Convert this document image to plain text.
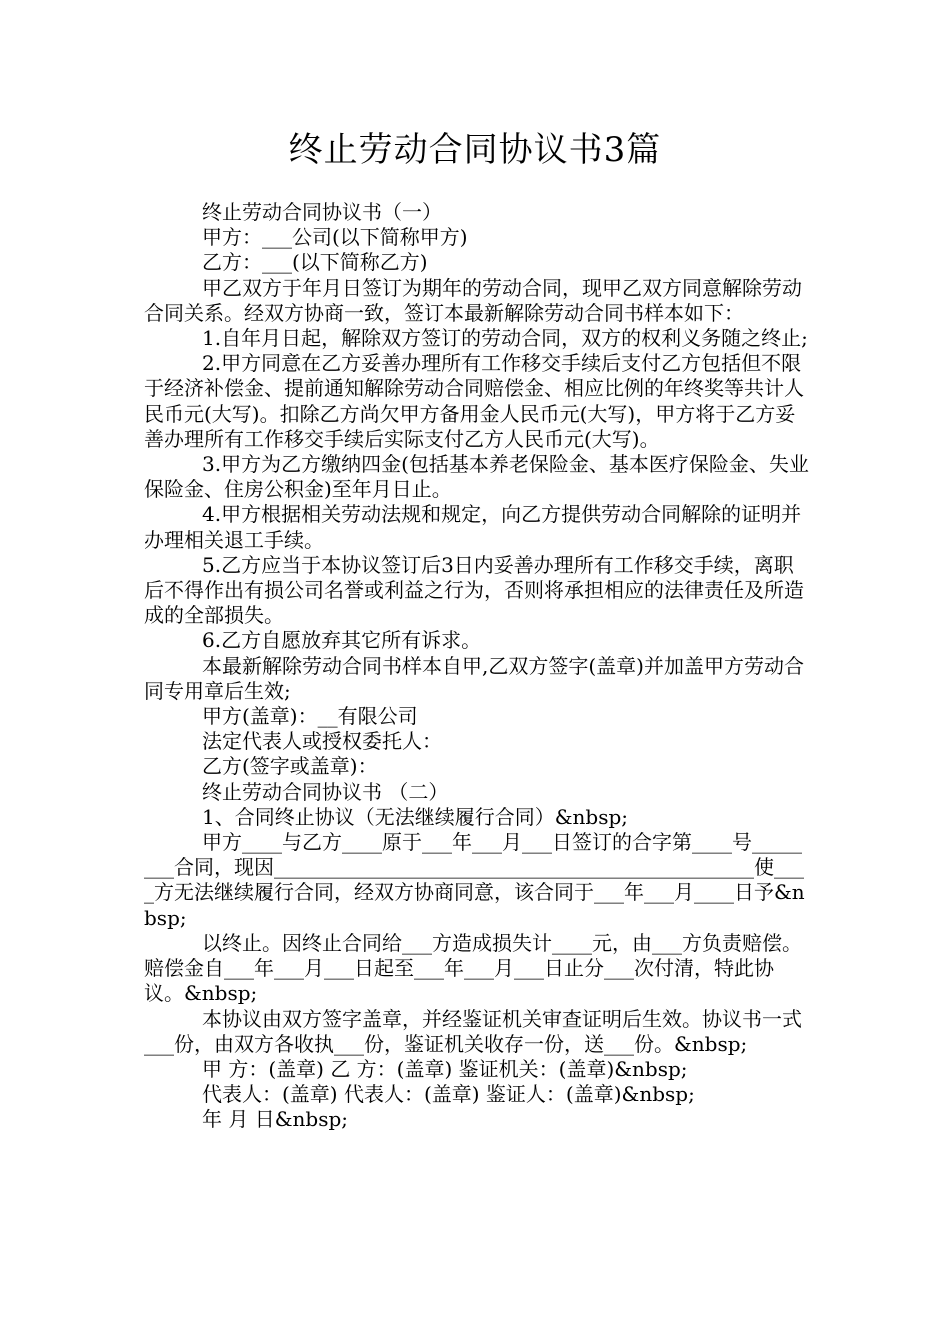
终止劳动合同协议书3篇

终止劳动合同协议书（一）

甲方：___公司(以下简称甲方)

乙方：___(以下简称乙方)

甲乙双方于年月日签订为期年的劳动合同，现甲乙双方同意解除劳动合同关系。经双方协商一致，签订本最新解除劳动合同书样本如下：

1.自年月日起，解除双方签订的劳动合同，双方的权利义务随之终止;

2.甲方同意在乙方妥善办理所有工作移交手续后支付乙方包括但不限于经济补偿金、提前通知解除劳动合同赔偿金、相应比例的年终奖等共计人民币元(大写)。扣除乙方尚欠甲方备用金人民币元(大写)，甲方将于乙方妥善办理所有工作移交手续后实际支付乙方人民币元(大写)。

3.甲方为乙方缴纳四金(包括基本养老保险金、基本医疗保险金、失业保险金、住房公积金)至年月日止。

4.甲方根据相关劳动法规和规定，向乙方提供劳动合同解除的证明并办理相关退工手续。

5.乙方应当于本协议签订后3日内妥善办理所有工作移交手续，离职后不得作出有损公司名誉或利益之行为，否则将承担相应的法律责任及所造成的全部损失。

6.乙方自愿放弃其它所有诉求。

本最新解除劳动合同书样本自甲,乙双方签字(盖章)并加盖甲方劳动合同专用章后生效;

甲方(盖章)：__有限公司

法定代表人或授权委托人：

乙方(签字或盖章)：

终止劳动合同协议书 （二）

1、合同终止协议（无法继续履行合同）&nbsp;

甲方____与乙方____原于___年___月___日签订的合字第____号________合同，现因________________________________________________使____方无法继续履行合同，经双方协商同意，该合同于___年___月____日予&nbsp;

以终止。因终止合同给___方造成损失计____元，由___方负责赔偿。赔偿金自___年___月___日起至___年___月___日止分___次付清，特此协议。&nbsp;

本协议由双方签字盖章，并经鉴证机关审查证明后生效。协议书一式___份，由双方各收执___份，鉴证机关收存一份，送___份。&nbsp;

甲 方：(盖章) 乙 方：(盖章) 鉴证机关：(盖章)&nbsp;

代表人：(盖章) 代表人：(盖章) 鉴证人：(盖章)&nbsp;

年 月 日&nbsp;
